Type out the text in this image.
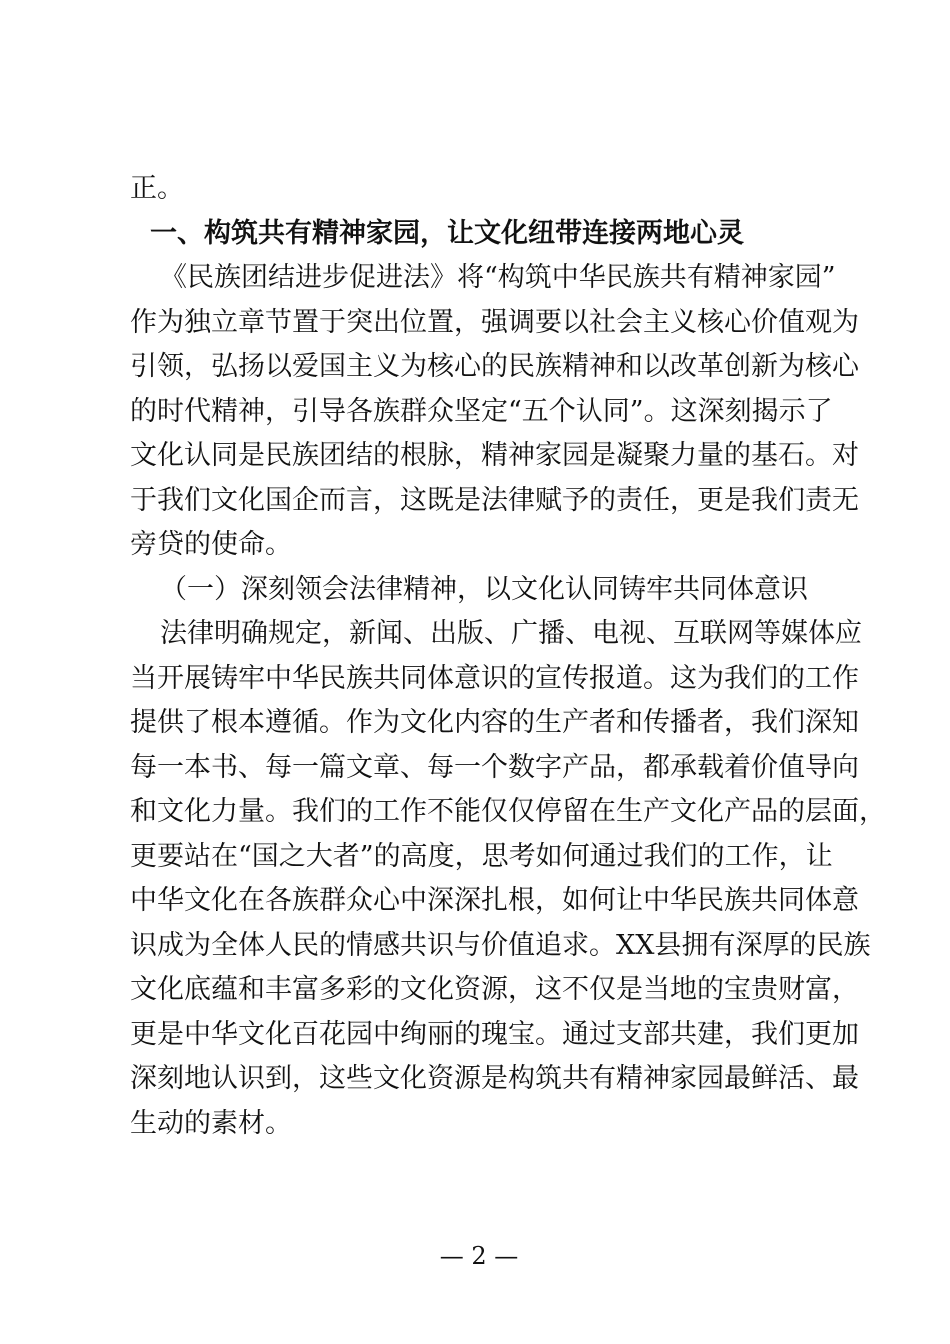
正。
一、构筑共有精神家园，让文化纽带连接两地心灵
《民族团结进步促进法》将“构筑中华民族共有精神家园”
作为独立章节置于突出位置，强调要以社会主义核心价值观为
引领，弘扬以爱国主义为核心的民族精神和以改革创新为核心
的时代精神，引导各族群众坚定“五个认同”。这深刻揭示了
文化认同是民族团结的根脉，精神家园是凝聚力量的基石。对
于我们文化国企而言，这既是法律赋予的责任，更是我们责无
旁贷的使命。
（一）深刻领会法律精神，以文化认同铸牢共同体意识
法律明确规定，新闻、出版、广播、电视、互联网等媒体应
当开展铸牢中华民族共同体意识的宣传报道。这为我们的工作
提供了根本遵循。作为文化内容的生产者和传播者，我们深知
每一本书、每一篇文章、每一个数字产品，都承载着价值导向
和文化力量。我们的工作不能仅仅停留在生产文化产品的层面，
更要站在“国之大者”的高度，思考如何通过我们的工作，让
中华文化在各族群众心中深深扎根，如何让中华民族共同体意
识成为全体人民的情感共识与价值追求。XX县拥有深厚的民族
文化底蕴和丰富多彩的文化资源，这不仅是当地的宝贵财富，
更是中华文化百花园中绚丽的瑰宝。通过支部共建，我们更加
深刻地认识到，这些文化资源是构筑共有精神家园最鲜活、最
生动的素材。
— 2 —
